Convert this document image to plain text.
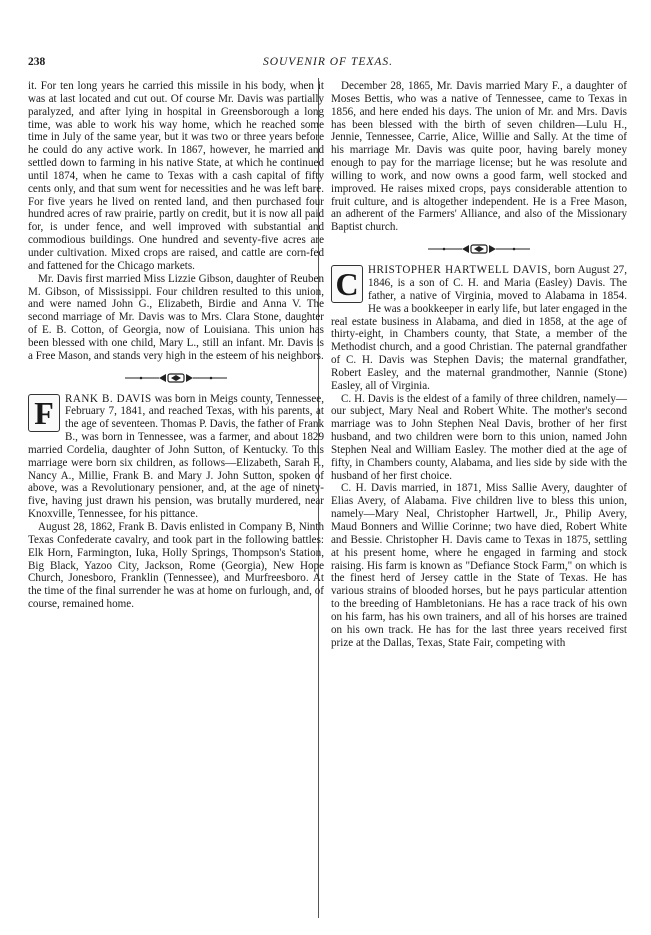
238	SOUVENIR OF TEXAS.

it. For ten long years he carried this missile in his body, when it was at last located and cut out. Of course Mr. Davis was partially paralyzed, and after lying in hospital in Greensborough a long time, was able to work his way home, which he reached some time in July of the same year, but it was two or three years before he could do any active work. In 1867, however, he married and settled down to farming in his native State, at which he continued until 1874, when he came to Texas with a cash capital of fifty cents only, and that sum went for necessities and he was left bare. For five years he lived on rented land, and then purchased four hundred acres of raw prairie, partly on credit, but it is now all paid for, is under fence, and well improved with substantial and commodious buildings. One hundred and seventy-five acres are under cultivation. Mixed crops are raised, and cattle are corn-fed and fattened for the Chicago markets.

Mr. Davis first married Miss Lizzie Gibson, daughter of Reuben M. Gibson, of Mississippi. Four children resulted to this union, and were named John G., Elizabeth, Birdie and Anna V. The second marriage of Mr. Davis was to Mrs. Clara Stone, daughter of E. B. Cotton, of Georgia, now of Louisiana. This union has been blessed with one child, Mary L., still an infant. Mr. Davis is a Free Mason, and stands very high in the esteem of his neighbors.

F	RANK B. DAVIS was born in Meigs county, Tennessee, February 7, 1841, and reached Texas, with his parents, at the age of seventeen. Thomas P. Davis, the father of Frank B., was born in Tennessee, was a farmer, and about 1829 married Cordelia, daughter of John Sutton, of Kentucky. To this marriage were born six children, as follows—Elizabeth, Sarah F., Nancy A., Millie, Frank B. and Mary J. John Sutton, spoken of above, was a Revolutionary pensioner, and, at the age of ninety-five, having just drawn his pension, was brutally murdered, near Knoxville, Tennessee, for his pittance.

August 28, 1862, Frank B. Davis enlisted in Company B, Ninth Texas Confederate cavalry, and took part in the following battles: Elk Horn, Farmington, Iuka, Holly Springs, Thompson's Station, Big Black, Yazoo City, Jackson, Rome (Georgia), New Hope Church, Jonesboro, Franklin (Tennessee), and Murfreesboro. At the time of the final surrender he was at home on furlough, and, of course, remained home.

December 28, 1865, Mr. Davis married Mary F., a daughter of Moses Bettis, who was a native of Tennessee, came to Texas in 1856, and here ended his days. The union of Mr. and Mrs. Davis has been blessed with the birth of seven children—Lulu H., Jennie, Tennessee, Carrie, Alice, Willie and Sally. At the time of his marriage Mr. Davis was quite poor, having barely money enough to pay for the marriage license; but he was resolute and willing to work, and now owns a good farm, well stocked and improved. He raises mixed crops, pays considerable attention to fruit culture, and is altogether independent. He is a Free Mason, an adherent of the Farmers' Alliance, and also of the Missionary Baptist church.

C HRISTOPHER HARTWELL DAVIS, born August 27, 1846, is a son of C. H. and Maria (Easley) Davis. The father, a native of Virginia, moved to Alabama in 1854. He was a bookkeeper in early life, but later engaged in the real estate business in Alabama, and died in 1858, at the age of thirty-eight, in Chambers county, that State, a member of the Methodist church, and a good Christian. The paternal grandfather of C. H. Davis was Stephen Davis; the maternal grandfather, Robert Easley, and the maternal grandmother, Nannie (Stone) Easley, all of Virginia.

C. H. Davis is the eldest of a family of three children, namely—our subject, Mary Neal and Robert White. The mother's second marriage was to John Stephen Neal Davis, brother of her first husband, and two children were born to this union, named John Stephen Neal and William Easley. The mother died at the age of fifty, in Chambers county, Alabama, and lies side by side with the husband of her first choice.

C. H. Davis married, in 1871, Miss Sallie Avery, daughter of Elias Avery, of Alabama. Five children live to bless this union, namely—Mary Neal, Christopher Hartwell, Jr., Philip Avery, Maud Bonners and Willie Corinne; two have died, Robert White and Bessie. Christopher H. Davis came to Texas in 1875, settling at his present home, where he engaged in farming and stock raising. His farm is known as "Defiance Stock Farm," on which is the finest herd of Jersey cattle in the State of Texas. He has various strains of blooded horses, but he pays particular attention to the breeding of Hambletonians. He has a race track of his own on his farm, has his own trainers, and all of his horses are trained on his own track. He has for the last three years received first prize at the Dallas, Texas, State Fair, competing with
